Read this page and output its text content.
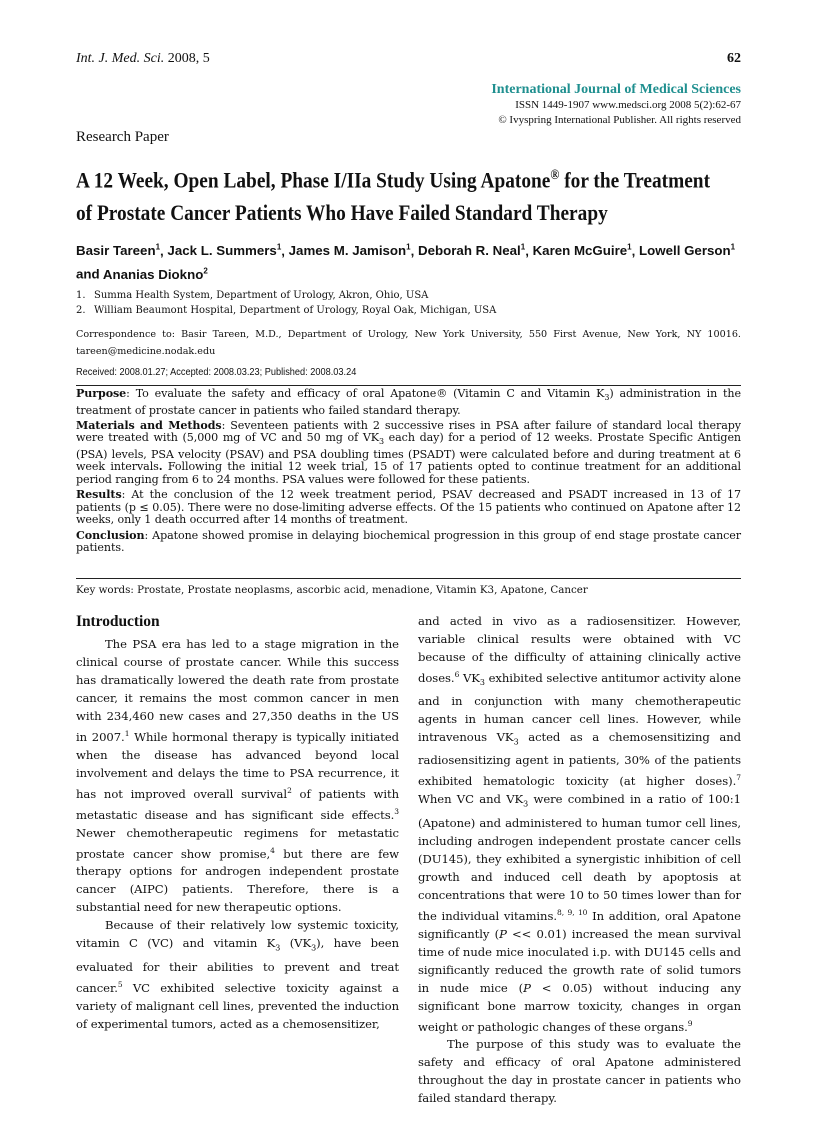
Int. J. Med. Sci. 2008, 5	62
International Journal of Medical Sciences
ISSN 1449-1907 www.medsci.org 2008 5(2):62-67
© Ivyspring International Publisher. All rights reserved
Research Paper
A 12 Week, Open Label, Phase I/IIa Study Using Apatone® for the Treatment
of Prostate Cancer Patients Who Have Failed Standard Therapy
Basir Tareen$^1$, Jack L. Summers$^1$, James M. Jamison$^1$, Deborah R. Neal$^1$, Karen McGuire$^1$, Lowell Gerson$^1$
and Ananias Diokno$^2$
1. Summa Health System, Department of Urology, Akron, Ohio, USA
2. William Beaumont Hospital, Department of Urology, Royal Oak, Michigan, USA
Correspondence to: Basir Tareen, M.D., Department of Urology, New York University, 550 First Avenue, New York, NY 10016. tareen@medicine.nodak.edu
Received: 2008.01.27; Accepted: 2008.03.23; Published: 2008.03.24

Purpose: To evaluate the safety and efficacy of oral Apatone® (Vitamin C and Vitamin $K_3$) administration in the treatment of prostate cancer in patients who failed standard therapy.

Materials and Methods: Seventeen patients with 2 successive rises in PSA after failure of standard local therapy were treated with (5,000 mg of VC and 50 mg of $VK_3$ each day) for a period of 12 weeks. Prostate Specific Antigen (PSA) levels, PSA velocity (PSAV) and PSA doubling times (PSADT) were calculated before and during treatment at 6 week intervals. Following the initial 12 week trial, 15 of 17 patients opted to continue treatment for an additional period ranging from 6 to 24 months. PSA values were followed for these patients.

Results: At the conclusion of the 12 week treatment period, PSAV decreased and PSADT increased in 13 of 17 patients (p ≤ 0.05). There were no dose-limiting adverse effects. Of the 15 patients who continued on Apatone after 12 weeks, only 1 death occurred after 14 months of treatment.

Conclusion: Apatone showed promise in delaying biochemical progression in this group of end stage prostate cancer patients.

Key words: Prostate, Prostate neoplasms, ascorbic acid, menadione, Vitamin K3, Apatone, Cancer
Introduction

The PSA era has led to a stage migration in the clinical course of prostate cancer. While this success has dramatically lowered the death rate from prostate cancer, it remains the most common cancer in men with 234,460 new cases and 27,350 deaths in the US in 2007.$^1$ While hormonal therapy is typically initiated when the disease has advanced beyond local involvement and delays the time to PSA recurrence, it has not improved overall survival$^2$ of patients with metastatic disease and has significant side effects.$^3$ Newer chemotherapeutic regimens for metastatic prostate cancer show promise,$^4$ but there are few therapy options for androgen independent prostate cancer (AIPC) patients. Therefore, there is a substantial need for new therapeutic options.

Because of their relatively low systemic toxicity, vitamin C (VC) and vitamin $K_3$ $(VK_3)$, have been evaluated for their abilities to prevent and treat cancer.$^5$ VC exhibited selective toxicity against a variety of malignant cell lines, prevented the induction of experimental tumors, acted as a chemosensitizer,

and acted in vivo as a radiosensitizer. However, variable clinical results were obtained with VC because of the difficulty of attaining clinically active doses.$^6$ $VK_3$ exhibited selective antitumor activity alone and in conjunction with many chemotherapeutic agents in human cancer cell lines. However, while intravenous $VK_3$ acted as a chemosensitizing and radiosensitizing agent in patients, 30% of the patients exhibited hematologic toxicity (at higher doses).$^7$ When VC and $VK_3$ were combined in a ratio of 100:1 (Apatone) and administered to human tumor cell lines, including androgen independent prostate cancer cells (DU145), they exhibited a synergistic inhibition of cell growth and induced cell death by apoptosis at concentrations that were 10 to 50 times lower than for the individual vitamins.$^{8, 9, 10}$ In addition, oral Apatone significantly (P << 0.01) increased the mean survival time of nude mice inoculated i.p. with DU145 cells and significantly reduced the growth rate of solid tumors in nude mice (P < 0.05) without inducing any significant bone marrow toxicity, changes in organ weight or pathologic changes of these organs.$^9$

The purpose of this study was to evaluate the safety and efficacy of oral Apatone administered throughout the day in prostate cancer in patients who failed standard therapy.
